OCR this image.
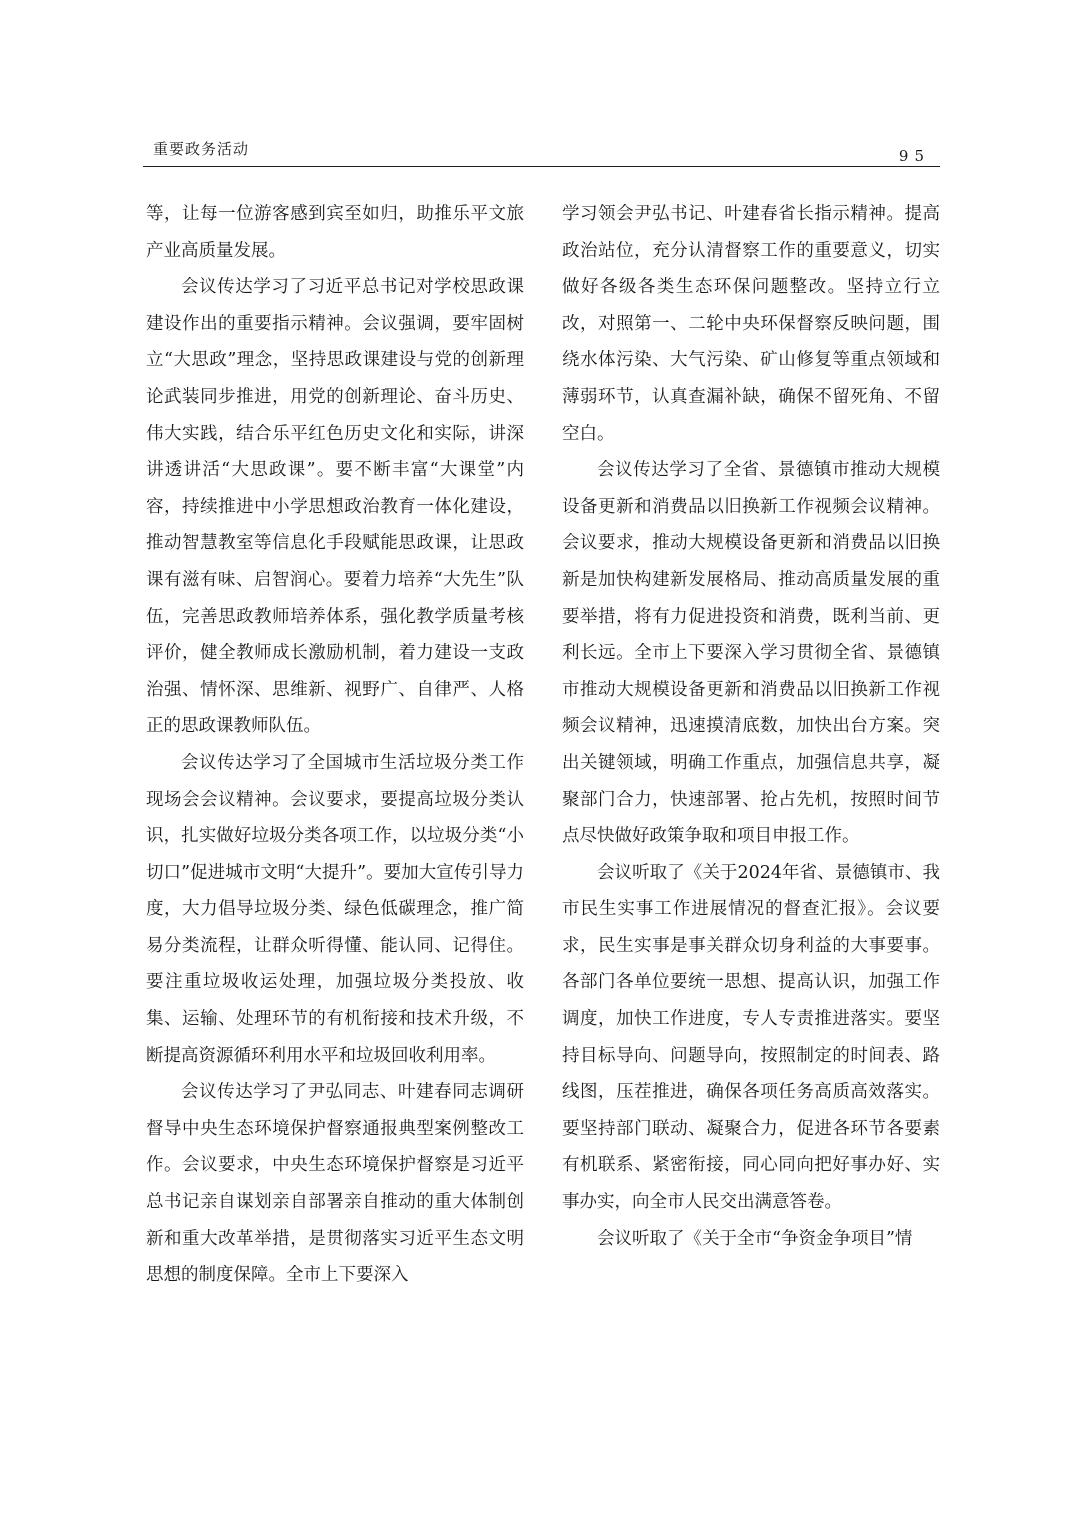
重要政务活动	95

等，让每一位游客感到宾至如归，助推乐平文旅产业高质量发展。

会议传达学习了习近平总书记对学校思政课建设作出的重要指示精神。会议强调，要牢固树立“大思政”理念，坚持思政课建设与党的创新理论武装同步推进，用党的创新理论、奋斗历史、伟大实践，结合乐平红色历史文化和实际，讲深讲透讲活“大思政课”。要不断丰富“大课堂”内容，持续推进中小学思想政治教育一体化建设，推动智慧教室等信息化手段赋能思政课，让思政课有滋有味、启智润心。要着力培养“大先生”队伍，完善思政教师培养体系，强化教学质量考核评价，健全教师成长激励机制，着力建设一支政治强、情怀深、思维新、视野广、自律严、人格正的思政课教师队伍。

会议传达学习了全国城市生活垃圾分类工作现场会会议精神。会议要求，要提高垃圾分类认识，扎实做好垃圾分类各项工作，以垃圾分类“小切口”促进城市文明“大提升”。要加大宣传引导力度，大力倡导垃圾分类、绿色低碳理念，推广简易分类流程，让群众听得懂、能认同、记得住。要注重垃圾收运处理，加强垃圾分类投放、收集、运输、处理环节的有机衔接和技术升级，不断提高资源循环利用水平和垃圾回收利用率。

会议传达学习了尹弘同志、叶建春同志调研督导中央生态环境保护督察通报典型案例整改工作。会议要求，中央生态环境保护督察是习近平总书记亲自谋划亲自部署亲自推动的重大体制创新和重大改革举措，是贯彻落实习近平生态文明思想的制度保障。全市上下要深入

学习领会尹弘书记、叶建春省长指示精神。提高政治站位，充分认清督察工作的重要意义，切实做好各级各类生态环保问题整改。坚持立行立改，对照第一、二轮中央环保督察反映问题，围绕水体污染、大气污染、矿山修复等重点领域和薄弱环节，认真查漏补缺，确保不留死角、不留空白。

会议传达学习了全省、景德镇市推动大规模设备更新和消费品以旧换新工作视频会议精神。会议要求，推动大规模设备更新和消费品以旧换新是加快构建新发展格局、推动高质量发展的重要举措，将有力促进投资和消费，既利当前、更利长远。全市上下要深入学习贯彻全省、景德镇市推动大规模设备更新和消费品以旧换新工作视频会议精神，迅速摸清底数，加快出台方案。突出关键领域，明确工作重点，加强信息共享，凝聚部门合力，快速部署、抢占先机，按照时间节点尽快做好政策争取和项目申报工作。

会议听取了《关于2024年省、景德镇市、我市民生实事工作进展情况的督查汇报》。会议要求，民生实事是事关群众切身利益的大事要事。各部门各单位要统一思想、提高认识，加强工作调度，加快工作进度，专人专责推进落实。要坚持目标导向、问题导向，按照制定的时间表、路线图，压茬推进，确保各项任务高质高效落实。要坚持部门联动、凝聚合力，促进各环节各要素有机联系、紧密衔接，同心同向把好事办好、实事办实，向全市人民交出满意答卷。

会议听取了《关于全市“争资金争项目”情
